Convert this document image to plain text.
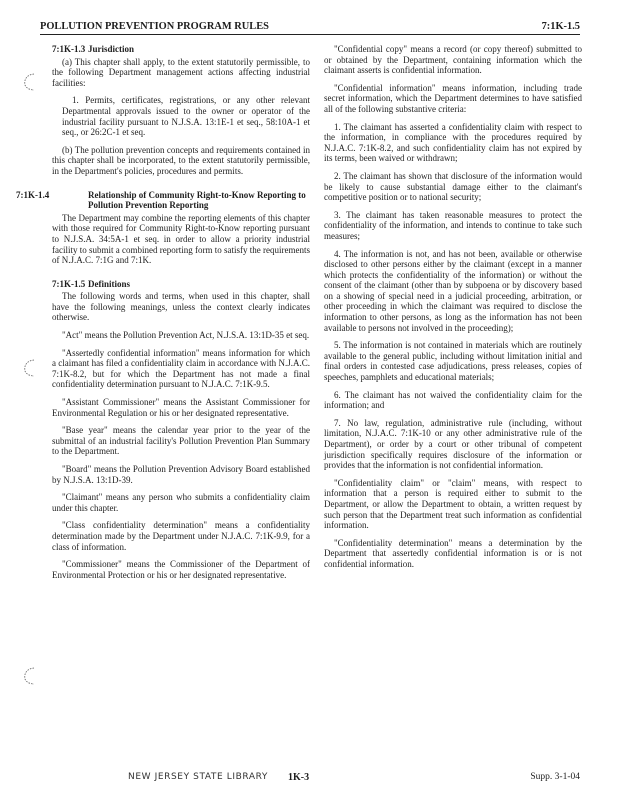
POLLUTION PREVENTION PROGRAM RULES	7:1K-1.5
7:1K-1.3 Jurisdiction

(a) This chapter shall apply, to the extent statutorily permissible, to the following Department management actions affecting industrial facilities:

1. Permits, certificates, registrations, or any other relevant Departmental approvals issued to the owner or operator of the industrial facility pursuant to N.J.S.A. 13:1E-1 et seq., 58:10A-1 et seq., or 26:2C-1 et seq.

(b) The pollution prevention concepts and requirements contained in this chapter shall be incorporated, to the extent statutorily permissible, in the Department's policies, procedures and permits.

7:1K-1.4	Relationship of Community Right-to-Know Reporting to Pollution Prevention Reporting

The Department may combine the reporting elements of this chapter with those required for Community Right-to-Know reporting pursuant to N.J.S.A. 34:5A-1 et seq. in order to allow a priority industrial facility to submit a combined reporting form to satisfy the requirements of N.J.A.C. 7:1G and 7:1K.

7:1K-1.5 Definitions

The following words and terms, when used in this chapter, shall have the following meanings, unless the context clearly indicates otherwise.

"Act" means the Pollution Prevention Act, N.J.S.A. 13:1D-35 et seq.

"Assertedly confidential information" means information for which a claimant has filed a confidentiality claim in accordance with N.J.A.C. 7:1K-8.2, but for which the Department has not made a final confidentiality determination pursuant to N.J.A.C. 7:1K-9.5.

"Assistant Commissioner" means the Assistant Commissioner for Environmental Regulation or his or her designated representative.

"Base year" means the calendar year prior to the year of the submittal of an industrial facility's Pollution Prevention Plan Summary to the Department.

"Board" means the Pollution Prevention Advisory Board established by N.J.S.A. 13:1D-39.

"Claimant" means any person who submits a confidentiality claim under this chapter.

"Class confidentiality determination" means a confidentiality determination made by the Department under N.J.A.C. 7:1K-9.9, for a class of information.

"Commissioner" means the Commissioner of the Department of Environmental Protection or his or her designated representative.

"Confidential copy" means a record (or copy thereof) submitted to or obtained by the Department, containing information which the claimant asserts is confidential information.

"Confidential information" means information, including trade secret information, which the Department determines to have satisfied all of the following substantive criteria:

1. The claimant has asserted a confidentiality claim with respect to the information, in compliance with the procedures required by N.J.A.C. 7:1K-8.2, and such confidentiality claim has not expired by its terms, been waived or withdrawn;

2. The claimant has shown that disclosure of the information would be likely to cause substantial damage either to the claimant's competitive position or to national security;

3. The claimant has taken reasonable measures to protect the confidentiality of the information, and intends to continue to take such measures;

4. The information is not, and has not been, available or otherwise disclosed to other persons either by the claimant (except in a manner which protects the confidentiality of the information) or without the consent of the claimant (other than by subpoena or by discovery based on a showing of special need in a judicial proceeding, arbitration, or other proceeding in which the claimant was required to disclose the information to other persons, as long as the information has not been available to persons not involved in the proceeding);

5. The information is not contained in materials which are routinely available to the general public, including without limitation initial and final orders in contested case adjudications, press releases, copies of speeches, pamphlets and educational materials;

6. The claimant has not waived the confidentiality claim for the information; and

7. No law, regulation, administrative rule (including, without limitation, N.J.A.C. 7:1K-10 or any other administrative rule of the Department), or order by a court or other tribunal of competent jurisdiction specifically requires disclosure of the information or provides that the information is not confidential information.

"Confidentiality claim" or "claim" means, with respect to information that a person is required either to submit to the Department, or allow the Department to obtain, a written request by such person that the Department treat such information as confidential information.

"Confidentiality determination" means a determination by the Department that assertedly confidential information is or is not confidential information.

NEW JERSEY STATE LIBRARY 1K-3	Supp. 3-1-04
